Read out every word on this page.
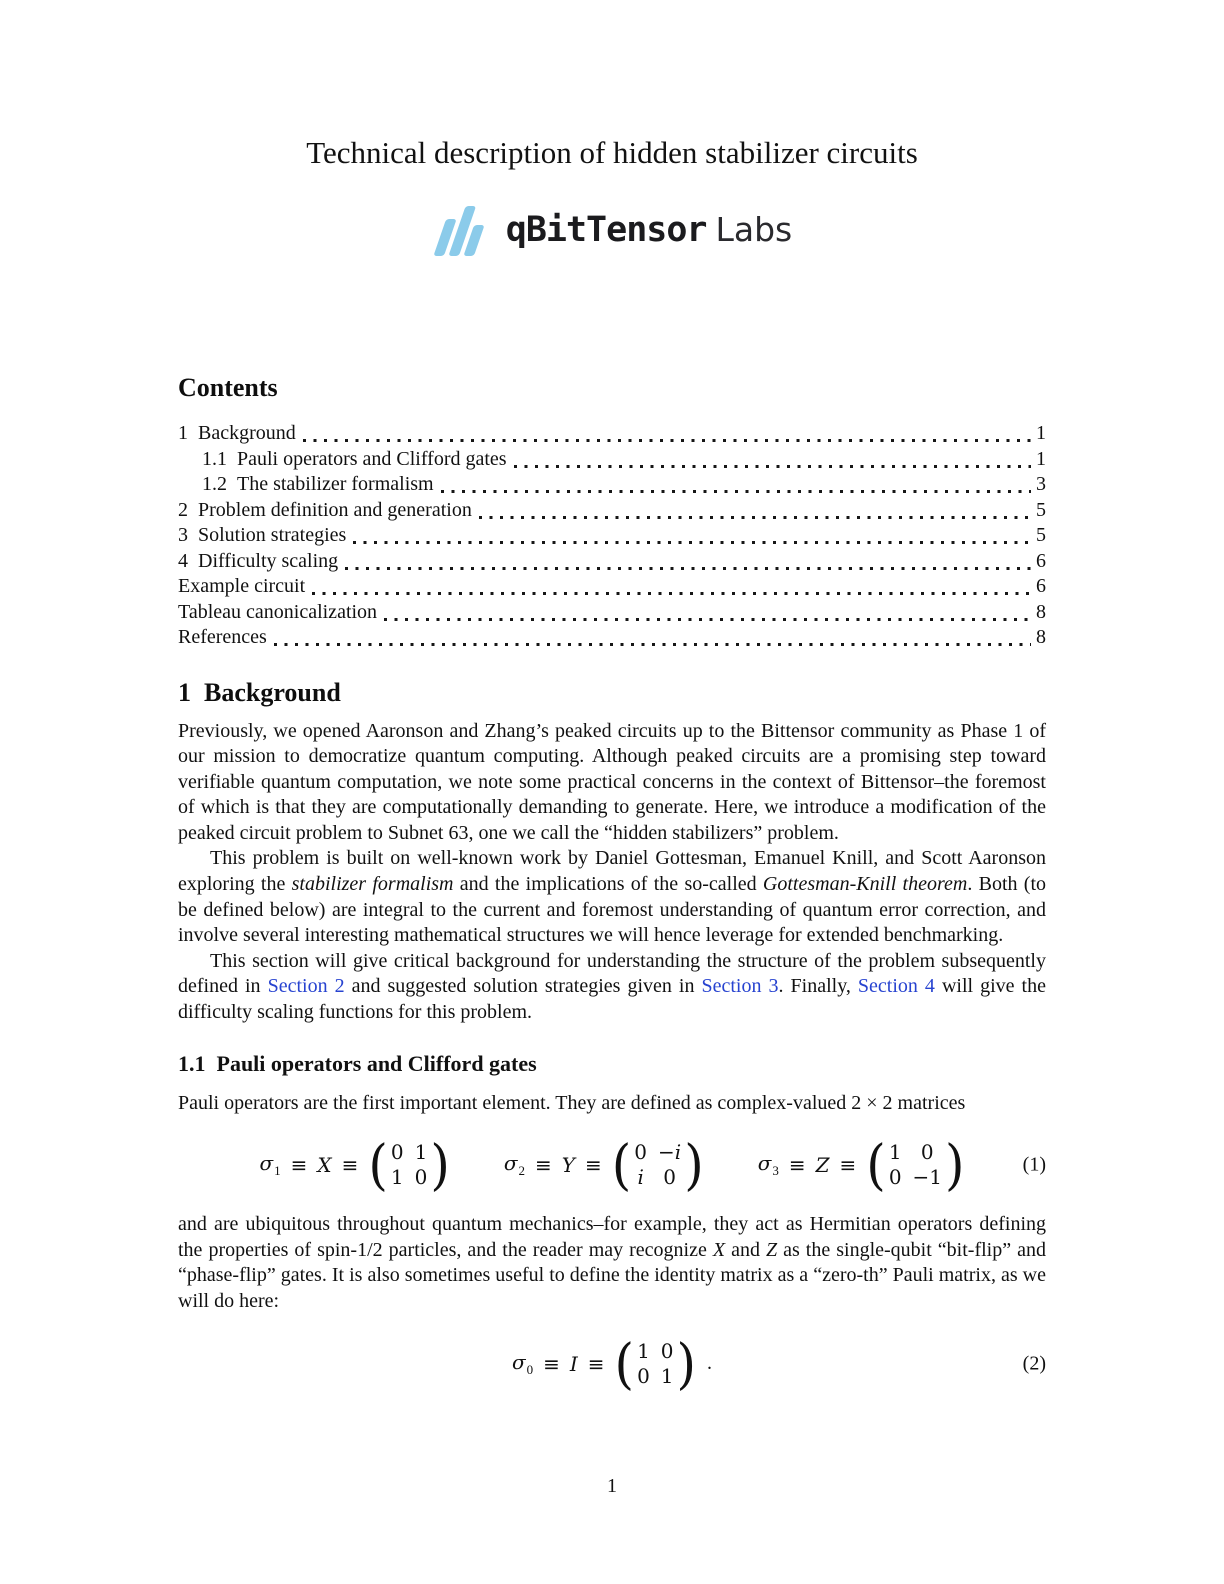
Technical description of hidden stabilizer circuits
qBitTensor Labs
Contents
1 Background	1
1.1 Pauli operators and Clifford gates	1
1.2 The stabilizer formalism	3
2 Problem definition and generation	5
3 Solution strategies	5
4 Difficulty scaling	6
Example circuit	6
Tableau canonicalization	8
References	8
1 Background

Previously, we opened Aaronson and Zhang’s peaked circuits up to the Bittensor community as Phase 1 of our mission to democratize quantum computing. Although peaked circuits are a promising step toward verifiable quantum computation, we note some practical concerns in the context of Bittensor–the foremost of which is that they are computationally demanding to generate. Here, we introduce a modification of the peaked circuit problem to Subnet 63, one we call the “hidden stabilizers” problem.

This problem is built on well-known work by Daniel Gottesman, Emanuel Knill, and Scott Aaronson exploring the stabilizer formalism and the implications of the so-called Gottesman-Knill theorem. Both (to be defined below) are integral to the current and foremost understanding of quantum error correction, and involve several interesting mathematical structures we will hence leverage for extended benchmarking.

This section will give critical background for understanding the structure of the problem subsequently defined in Section 2 and suggested solution strategies given in Section 3. Finally, Section 4 will give the difficulty scaling functions for this problem.

1.1 Pauli operators and Clifford gates

Pauli operators are the first important element. They are defined as complex-valued 2 × 2 matrices

$\sigma_1 \equiv X$ ≡ ( 0 1
1 0 )	$\sigma_2 \equiv Y$ ≡ ( 0 −i
i 0 )	$\sigma_3 \equiv Z$ ≡ ( 1 0
0 −1 )	(1)

and are ubiquitous throughout quantum mechanics–for example, they act as Hermitian operators defining the properties of spin-1/2 particles, and the reader may recognize X and Z as the single-qubit “bit-flip” and “phase-flip” gates. It is also sometimes useful to define the identity matrix as a “zero-th” Pauli matrix, as we will do here:

$\sigma_0 \equiv I$ ≡ ( 1 0
0 1 ) .	(2)
1
